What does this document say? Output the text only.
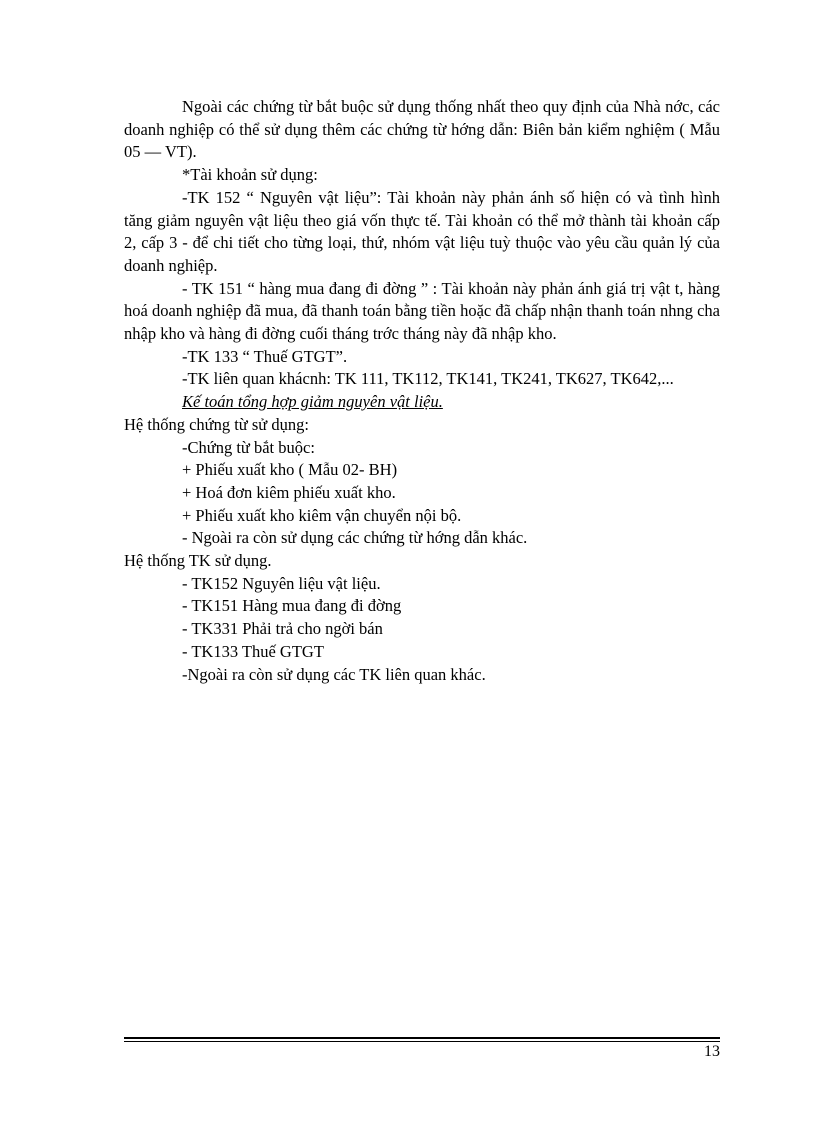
Ngoài các chứng từ bắt buộc sử dụng thống nhất theo quy định của Nhà nớc, các doanh nghiệp có thể sử dụng thêm các chứng từ hớng dẫn: Biên bản kiểm nghiệm ( Mẫu 05 — VT).

*Tài khoản sử dụng:

-TK 152 “ Nguyên vật liệu”: Tài khoản này phản ánh số hiện có và tình hình tăng giảm nguyên vật liệu theo giá vốn thực tế. Tài khoản có thể mở thành tài khoản cấp 2, cấp 3 - để chi tiết cho từng loại, thứ, nhóm vật liệu tuỳ thuộc vào yêu cầu quản lý của doanh nghiệp.

- TK 151 “ hàng mua đang đi đờng ” : Tài khoản này phản ánh giá trị vật t, hàng hoá doanh nghiệp đã mua, đã thanh toán bằng tiền hoặc đã chấp nhận thanh toán nhng cha nhập kho và hàng đi đờng cuối tháng trớc tháng này đã nhập kho.

-TK 133 “ Thuế GTGT”.

-TK liên quan khácnh: TK 111, TK112, TK141, TK241, TK627, TK642,...

Kế toán tổng hợp giảm nguyên vật liệu.

Hệ thống chứng từ sử dụng:

-Chứng từ bắt buộc:

+ Phiếu xuất kho ( Mẫu 02- BH)

+ Hoá đơn kiêm phiếu xuất kho.

+ Phiếu xuất kho kiêm vận chuyển nội bộ.

- Ngoài ra còn sử dụng các chứng từ hớng dẫn khác.

Hệ thống TK sử dụng.

- TK152 Nguyên liệu vật liệu.

- TK151 Hàng mua đang đi đờng

- TK331 Phải trả cho ngời bán

- TK133 Thuế GTGT

-Ngoài ra còn sử dụng các TK liên quan khác.

13
